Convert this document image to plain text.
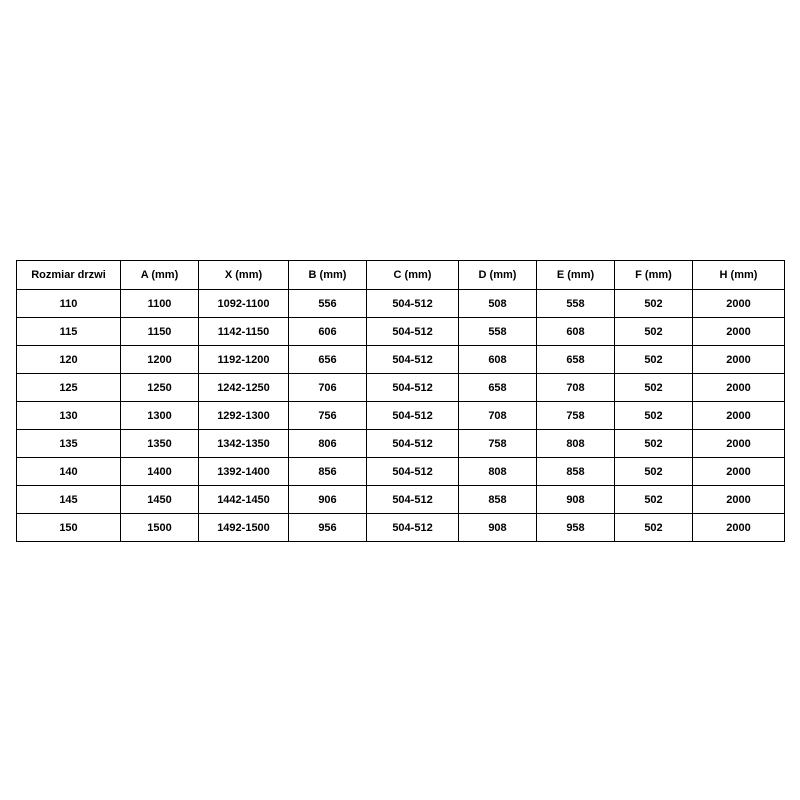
Rozmiar drzwi	A (mm)	X (mm)	B (mm)	C (mm)	D (mm)	E (mm)	F (mm)	H (mm)
110	1100	1092-1100	556	504-512	508	558	502	2000
115	1150	1142-1150	606	504-512	558	608	502	2000
120	1200	1192-1200	656	504-512	608	658	502	2000
125	1250	1242-1250	706	504-512	658	708	502	2000
130	1300	1292-1300	756	504-512	708	758	502	2000
135	1350	1342-1350	806	504-512	758	808	502	2000
140	1400	1392-1400	856	504-512	808	858	502	2000
145	1450	1442-1450	906	504-512	858	908	502	2000
150	1500	1492-1500	956	504-512	908	958	502	2000
